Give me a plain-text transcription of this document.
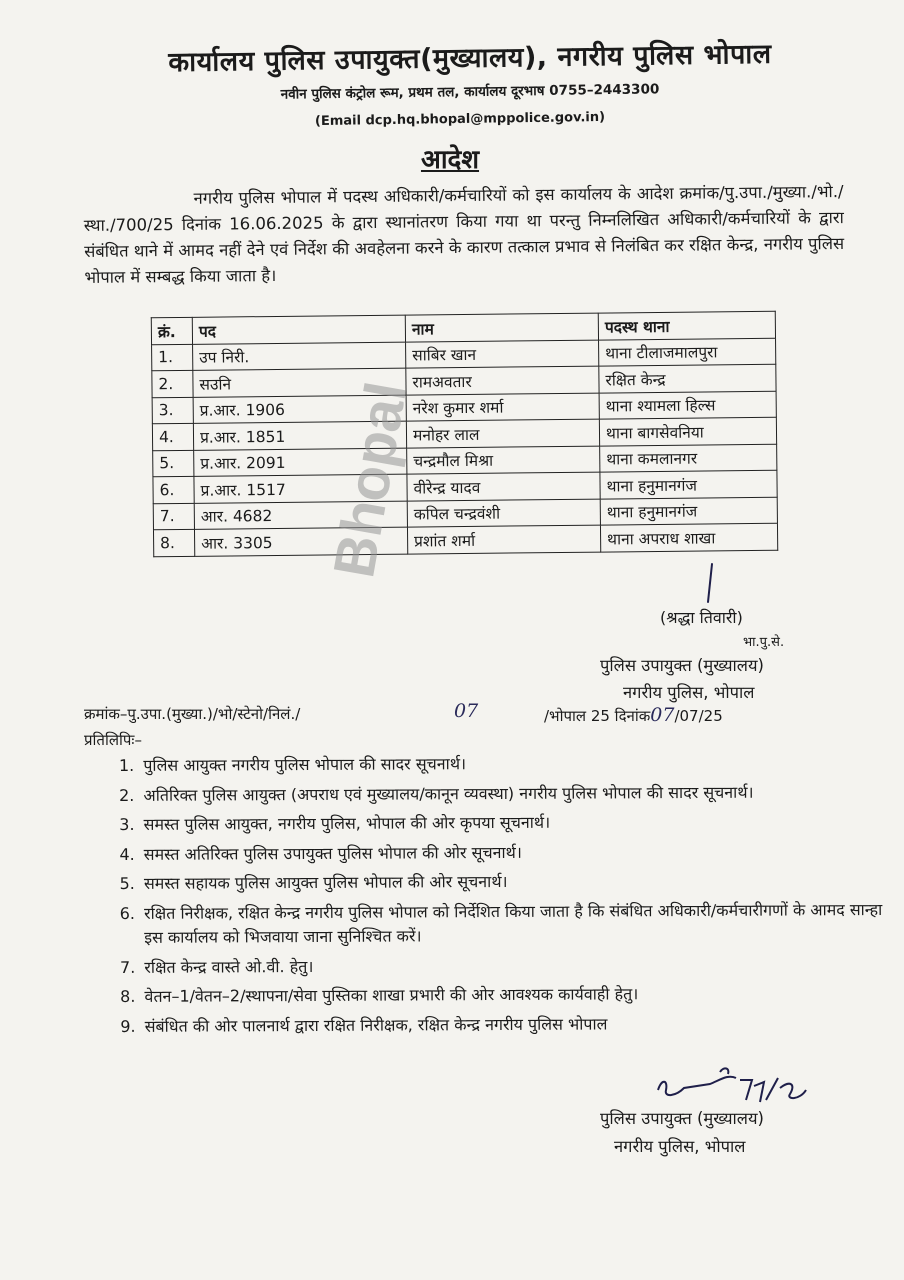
कार्यालय पुलिस उपायुक्त(मुख्यालय), नगरीय पुलिस भोपाल
नवीन पुलिस कंट्रोल रूम, प्रथम तल, कार्यालय दूरभाष 0755–2443300
(Email dcp.hq.bhopal@mppolice.gov.in)
आदेश
नगरीय पुलिस भोपाल में पदस्थ अधिकारी/कर्मचारियों को इस कार्यालय के आदेश क्रमांक/पु.उपा./मुख्या./भो./स्था./700/25 दिनांक 16.06.2025 के द्वारा स्थानांतरण किया गया था परन्तु निम्नलिखित अधिकारी/कर्मचारियों के द्वारा संबंधित थाने में आमद नहीं देने एवं निर्देश की अवहेलना करने के कारण तत्काल प्रभाव से निलंबित कर रक्षित केन्द्र, नगरीय पुलिस भोपाल में सम्बद्ध किया जाता है।
क्रं.	पद	नाम	पदस्थ थाना
1.	उप निरी.	साबिर खान	थाना टीलाजमालपुरा
2.	सउनि	रामअवतार	रक्षित केन्द्र
3.	प्र.आर. 1906	नरेश कुमार शर्मा	थाना श्यामला हिल्स
4.	प्र.आर. 1851	मनोहर लाल	थाना बागसेवनिया
5.	प्र.आर. 2091	चन्द्रमौल मिश्रा	थाना कमलानगर
6.	प्र.आर. 1517	वीरेन्द्र यादव	थाना हनुमानगंज
7.	आर. 4682	कपिल चन्द्रवंशी	थाना हनुमानगंज
8.	आर. 3305	प्रशांत शर्मा	थाना अपराध शाखा
Bhopal
(श्रद्धा तिवारी)
भा.पु.से.
पुलिस उपायुक्त (मुख्यालय)
नगरीय पुलिस, भोपाल
क्रमांक–पु.उपा.(मुख्या.)/भो/स्टेनो/निलं./	07	/भोपाल 25 दिनांक07/07/25
प्रतिलिपिः–
1. पुलिस आयुक्त नगरीय पुलिस भोपाल की सादर सूचनार्थ।
2. अतिरिक्त पुलिस आयुक्त (अपराध एवं मुख्यालय/कानून व्यवस्था) नगरीय पुलिस भोपाल की सादर सूचनार्थ।
3. समस्त पुलिस आयुक्त, नगरीय पुलिस, भोपाल की ओर कृपया सूचनार्थ।
4. समस्त अतिरिक्त पुलिस उपायुक्त पुलिस भोपाल की ओर सूचनार्थ।
5. समस्त सहायक पुलिस आयुक्त पुलिस भोपाल की ओर सूचनार्थ।
6. रक्षित निरीक्षक, रक्षित केन्द्र नगरीय पुलिस भोपाल को निर्देशित किया जाता है कि संबंधित अधिकारी/कर्मचारीगणों के आमद सान्हा इस कार्यालय को भिजवाया जाना सुनिश्चित करें।
7. रक्षित केन्द्र वास्ते ओ.वी. हेतु।
8. वेतन–1/वेतन–2/स्थापना/सेवा पुस्तिका शाखा प्रभारी की ओर आवश्यक कार्यवाही हेतु।
9. संबंधित की ओर पालनार्थ द्वारा रक्षित निरीक्षक, रक्षित केन्द्र नगरीय पुलिस भोपाल
पुलिस उपायुक्त (मुख्यालय)
नगरीय पुलिस, भोपाल
